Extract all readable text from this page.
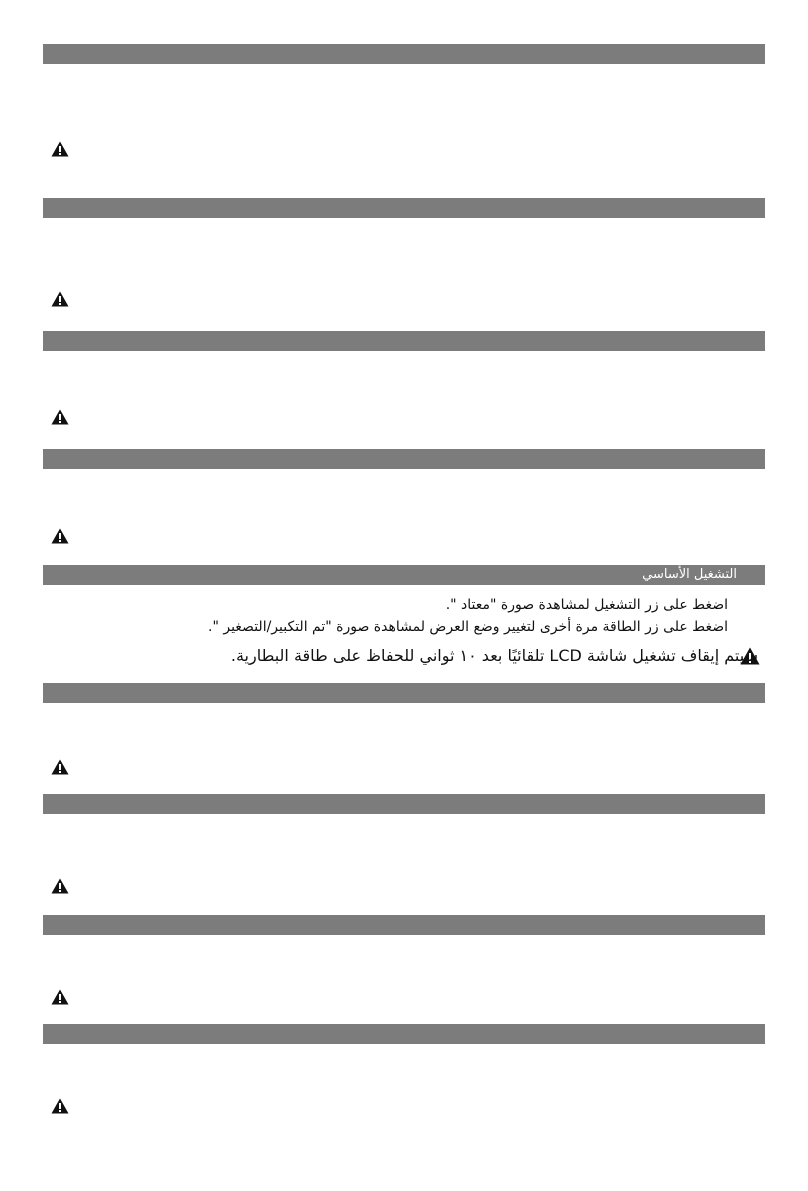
التشغيل الأساسي
اضغط على زر التشغيل لمشاهدة صورة "معتاد ".
اضغط على زر الطاقة مرة أخرى لتغيير وضع العرض لمشاهدة صورة "تم التكبير/التصغير ".
سيتم إيقاف تشغيل شاشة LCD تلقائيًا بعد ١٠ ثواني للحفاظ على طاقة البطارية.
